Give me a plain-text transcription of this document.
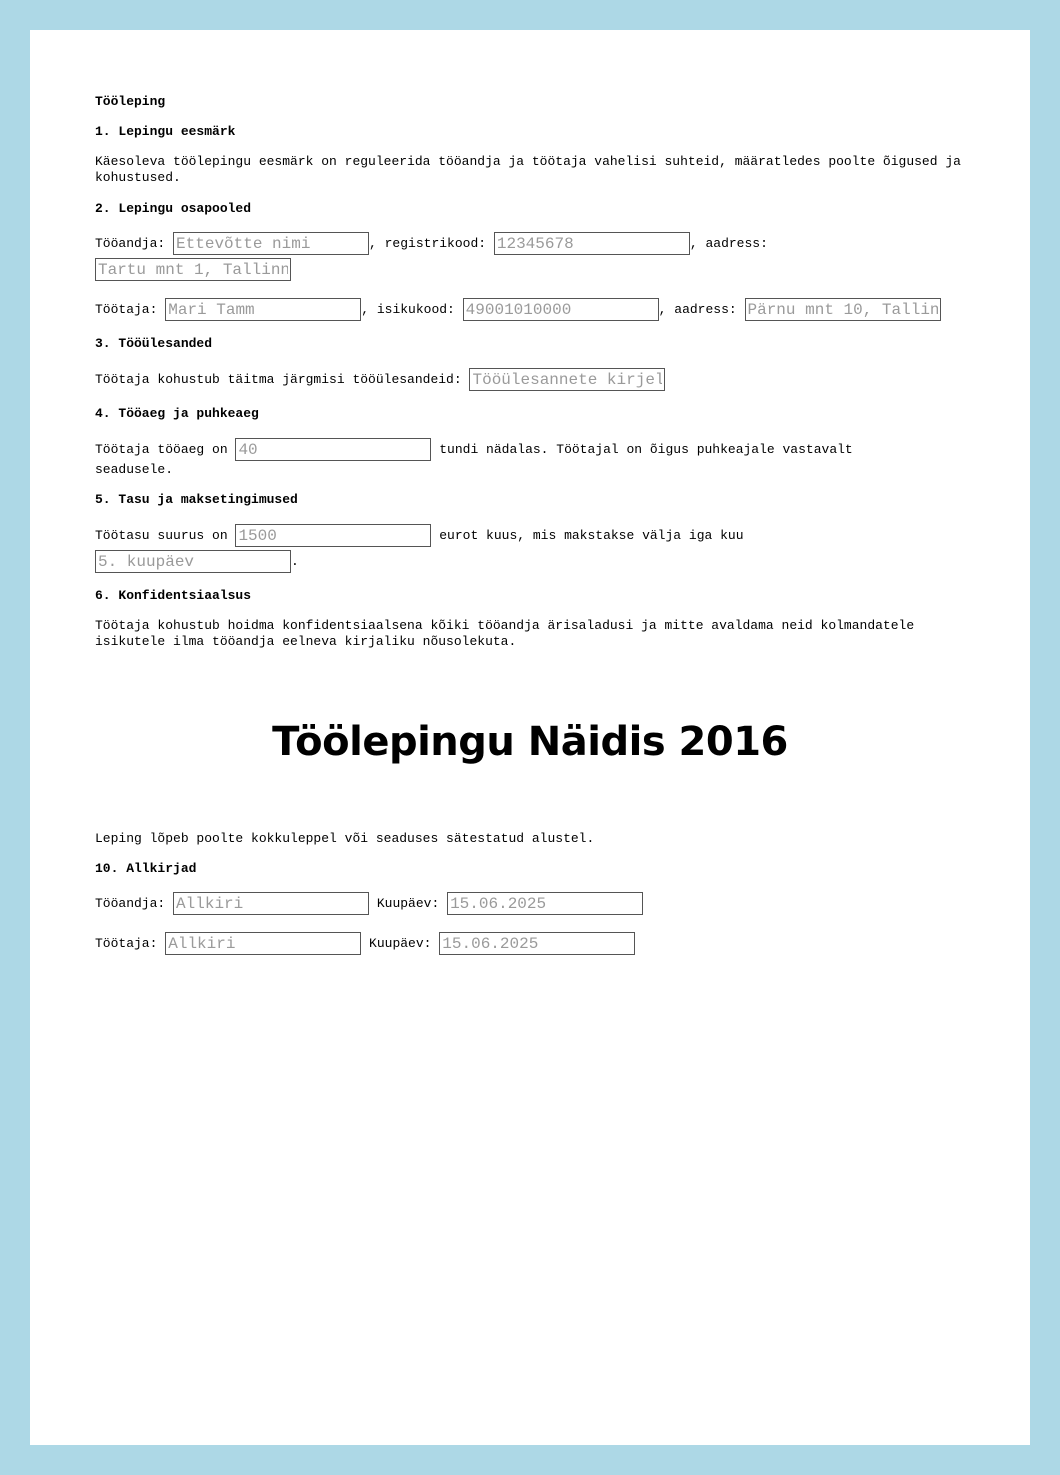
Tööleping

1. Lepingu eesmärk

Käesoleva töölepingu eesmärk on reguleerida tööandja ja töötaja vahelisi suhteid, määratledes poolte õigused ja kohustused.

2. Lepingu osapooled

Tööandja: Ettevõtte nimi	, registrikood: 12345678	, aadress:
Tartu mnt 1, Tallinn
Töötaja: Mari Tamm	, isikukood: 49001010000	, aadress: Pärnu mnt 10, Tallinn

3. Tööülesanded

Töötaja kohustub täitma järgmisi tööülesandeid: Tööülesannete kirjeldus

4. Tööaeg ja puhkeaeg

Töötaja tööaeg on 40	tundi nädalas. Töötajal on õigus puhkeajale vastavalt

seadusele.

5. Tasu ja maksetingimused

Töötasu suurus on 1500	eurot kuus, mis makstakse välja iga kuu
5. kuupäev.

6. Konfidentsiaalsus

Töötaja kohustub hoidma konfidentsiaalsena kõiki tööandja ärisaladusi ja mitte avaldama neid kolmandatele isikutele ilma tööandja eelneva kirjaliku nõusolekuta.

Leping lõpeb poolte kokkuleppel või seaduses sätestatud alustel.

10. Allkirjad

Tööandja: Allkiri	Kuupäev: 15.06.2025
Töötaja: Allkiri	Kuupäev: 15.06.2025
Töölepingu Näidis 2016
